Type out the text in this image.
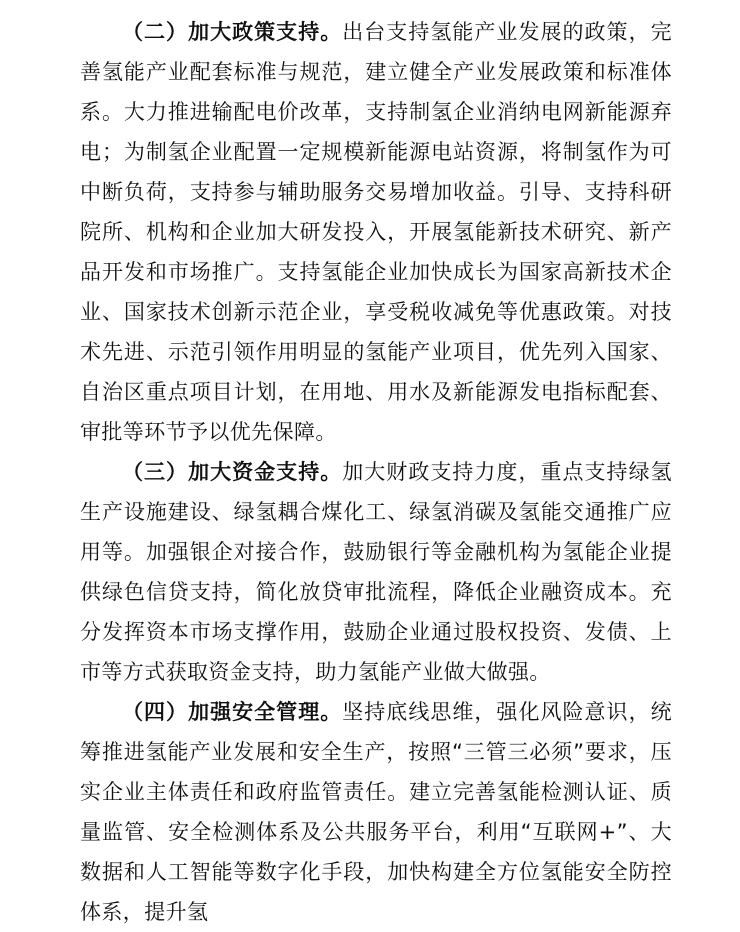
（二）加大政策支持。出台支持氢能产业发展的政策，完善氢能产业配套标准与规范，建立健全产业发展政策和标准体系。大力推进输配电价改革，支持制氢企业消纳电网新能源弃电；为制氢企业配置一定规模新能源电站资源，将制氢作为可中断负荷，支持参与辅助服务交易增加收益。引导、支持科研院所、机构和企业加大研发投入，开展氢能新技术研究、新产品开发和市场推广。支持氢能企业加快成长为国家高新技术企业、国家技术创新示范企业，享受税收减免等优惠政策。对技术先进、示范引领作用明显的氢能产业项目，优先列入国家、自治区重点项目计划，在用地、用水及新能源发电指标配套、审批等环节予以优先保障。

（三）加大资金支持。加大财政支持力度，重点支持绿氢生产设施建设、绿氢耦合煤化工、绿氢消碳及氢能交通推广应用等。加强银企对接合作，鼓励银行等金融机构为氢能企业提供绿色信贷支持，简化放贷审批流程，降低企业融资成本。充分发挥资本市场支撑作用，鼓励企业通过股权投资、发债、上市等方式获取资金支持，助力氢能产业做大做强。

（四）加强安全管理。坚持底线思维，强化风险意识，统筹推进氢能产业发展和安全生产，按照“三管三必须”要求，压实企业主体责任和政府监管责任。建立完善氢能检测认证、质量监管、安全检测体系及公共服务平台，利用“互联网+”、大数据和人工智能等数字化手段，加快构建全方位氢能安全防控体系，提升氢
